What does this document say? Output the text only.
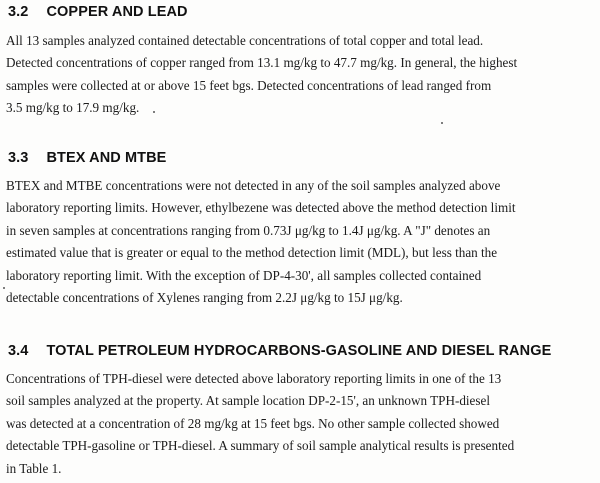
3.2 COPPER AND LEAD
All 13 samples analyzed contained detectable concentrations of total copper and total lead.
Detected concentrations of copper ranged from 13.1 mg/kg to 47.7 mg/kg. In general, the highest
samples were collected at or above 15 feet bgs. Detected concentrations of lead ranged from
3.5 mg/kg to 17.9 mg/kg.
3.3 BTEX AND MTBE
BTEX and MTBE concentrations were not detected in any of the soil samples analyzed above
laboratory reporting limits. However, ethylbezene was detected above the method detection limit
in seven samples at concentrations ranging from 0.73J μg/kg to 1.4J μg/kg. A "J" denotes an
estimated value that is greater or equal to the method detection limit (MDL), but less than the
laboratory reporting limit. With the exception of DP-4-30', all samples collected contained
detectable concentrations of Xylenes ranging from 2.2J μg/kg to 15J μg/kg.
3.4 TOTAL PETROLEUM HYDROCARBONS-GASOLINE AND DIESEL RANGE
Concentrations of TPH-diesel were detected above laboratory reporting limits in one of the 13
soil samples analyzed at the property. At sample location DP-2-15', an unknown TPH-diesel
was detected at a concentration of 28 mg/kg at 15 feet bgs. No other sample collected showed
detectable TPH-gasoline or TPH-diesel. A summary of soil sample analytical results is presented
in Table 1.
